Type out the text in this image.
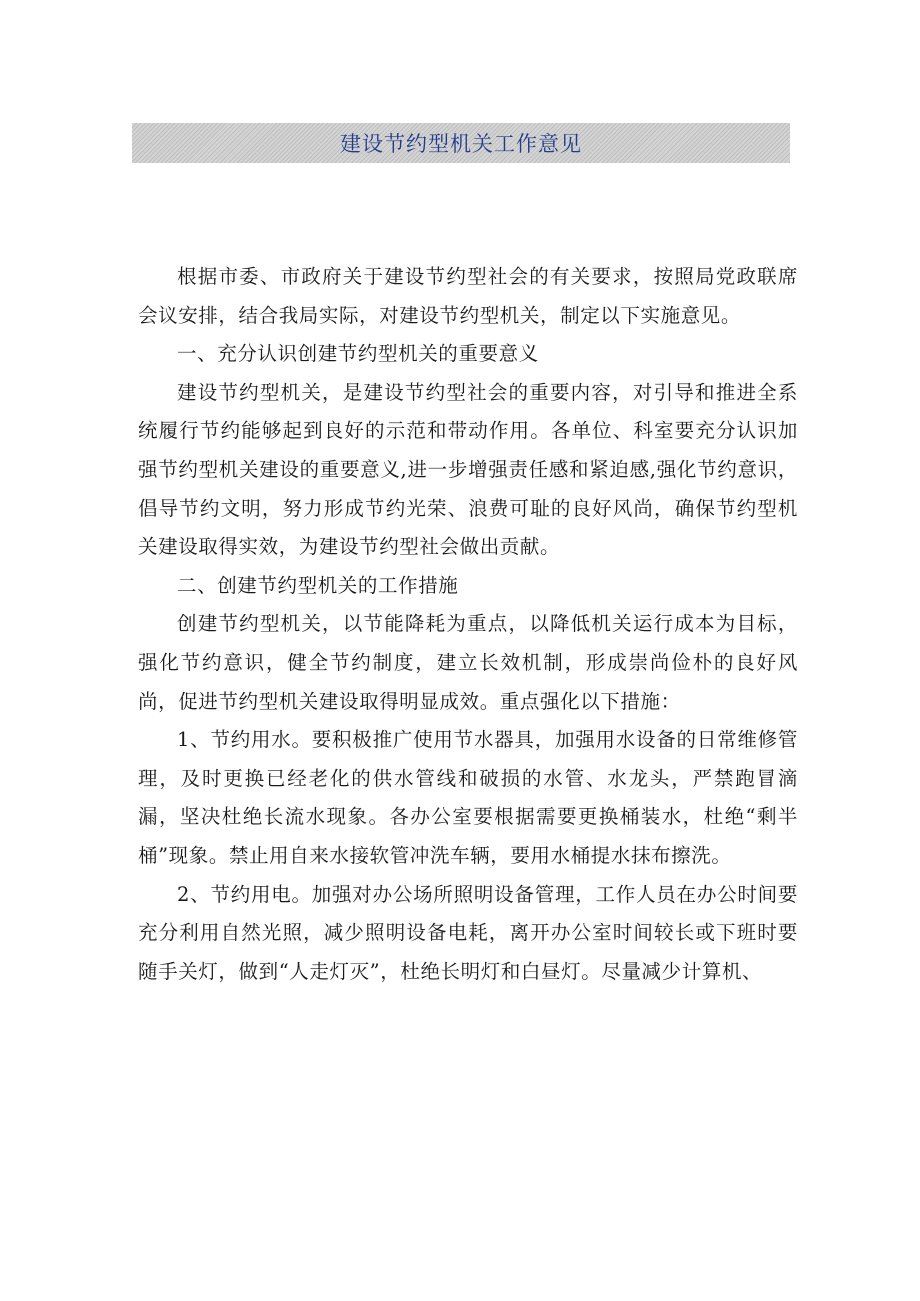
建设节约型机关工作意见

根据市委、市政府关于建设节约型社会的有关要求，按照局党政联席会议安排，结合我局实际，对建设节约型机关，制定以下实施意见。

一、充分认识创建节约型机关的重要意义

建设节约型机关，是建设节约型社会的重要内容，对引导和推进全系统履行节约能够起到良好的示范和带动作用。各单位、科室要充分认识加强节约型机关建设的重要意义,进一步增强责任感和紧迫感,强化节约意识，倡导节约文明，努力形成节约光荣、浪费可耻的良好风尚，确保节约型机关建设取得实效，为建设节约型社会做出贡献。

二、创建节约型机关的工作措施

创建节约型机关，以节能降耗为重点，以降低机关运行成本为目标，强化节约意识，健全节约制度，建立长效机制，形成崇尚俭朴的良好风尚，促进节约型机关建设取得明显成效。重点强化以下措施：

1、节约用水。要积极推广使用节水器具，加强用水设备的日常维修管理，及时更换已经老化的供水管线和破损的水管、水龙头，严禁跑冒滴漏，坚决杜绝长流水现象。各办公室要根据需要更换桶装水，杜绝“剩半桶”现象。禁止用自来水接软管冲洗车辆，要用水桶提水抹布擦洗。

2、节约用电。加强对办公场所照明设备管理，工作人员在办公时间要充分利用自然光照，减少照明设备电耗，离开办公室时间较长或下班时要随手关灯，做到“人走灯灭”，杜绝长明灯和白昼灯。尽量减少计算机、
